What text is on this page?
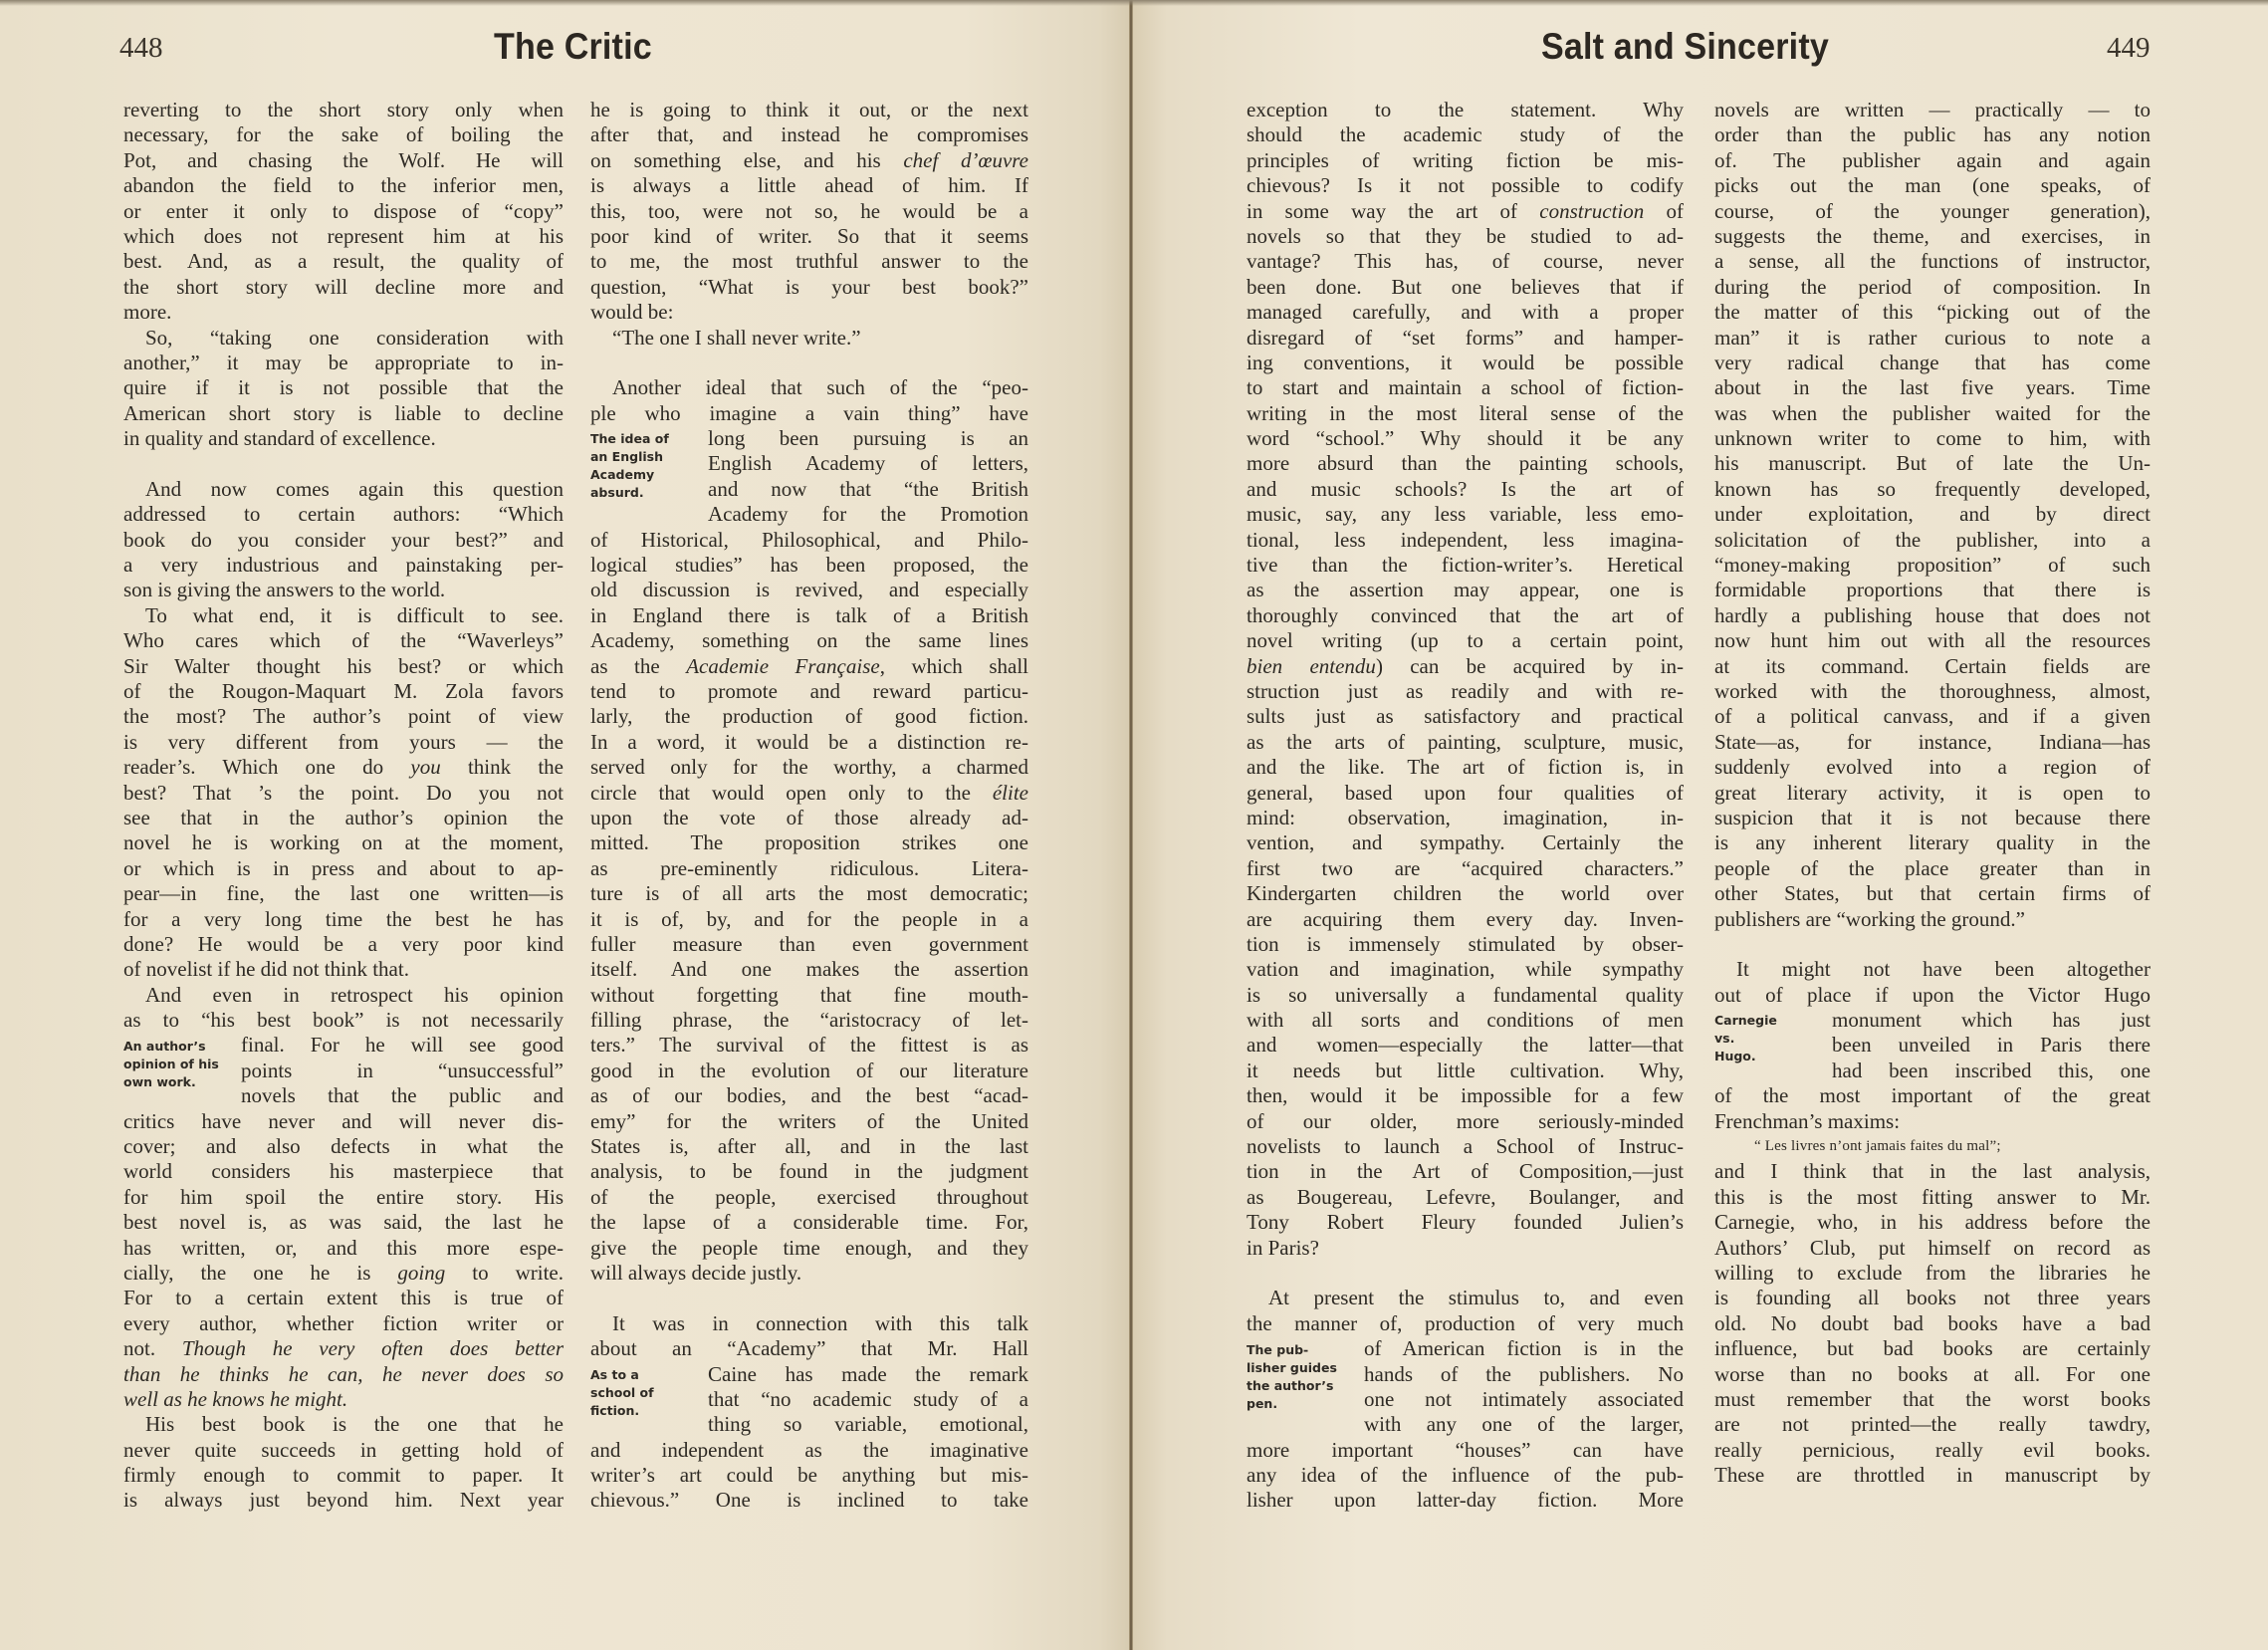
448	The Critic	Salt and Sincerity	449
reverting to the short story only when
necessary, for the sake of boiling the
Pot, and chasing the Wolf. He will
abandon the field to the inferior men,
or enter it only to dispose of “copy”
which does not represent him at his
best. And, as a result, the quality of
the short story will decline more and
more.
So, “taking one consideration with
another,” it may be appropriate to in-
quire if it is not possible that the
American short story is liable to decline
in quality and standard of excellence.
And now comes again this question
addressed to certain authors: “Which
book do you consider your best?” and
a very industrious and painstaking per-
son is giving the answers to the world.
To what end, it is difficult to see.
Who cares which of the “Waverleys”
Sir Walter thought his best? or which
of the Rougon-Maquart M. Zola favors
the most? The author’s point of view
is very different from yours — the
reader’s. Which one do you think the
best? That ’s the point. Do you not
see that in the author’s opinion the
novel he is working on at the moment,
or which is in press and about to ap-
pear—in fine, the last one written—is
for a very long time the best he has
done? He would be a very poor kind
of novelist if he did not think that.
And even in retrospect his opinion
as to “his best book” is not necessarily
final. For he will see good
points in “unsuccessful”
novels that the public and
critics have never and will never dis-
cover; and also defects in what the
world considers his masterpiece that
for him spoil the entire story. His
best novel is, as was said, the last he
has written, or, and this more espe-
cially, the one he is going to write.
For to a certain extent this is true of
every author, whether fiction writer or
not. Though he very often does better
than he thinks he can, he never does so
well as he knows he might.
His best book is the one that he
never quite succeeds in getting hold of
firmly enough to commit to paper. It
is always just beyond him. Next year
An author’s
opinion of his
own work.
he is going to think it out, or the next
after that, and instead he compromises
on something else, and his chef d’œuvre
is always a little ahead of him. If
this, too, were not so, he would be a
poor kind of writer. So that it seems
to me, the most truthful answer to the
question, “What is your best book?”
would be:
“The one I shall never write.”
Another ideal that such of the “peo-
ple who imagine a vain thing” have
long been pursuing is an
English Academy of letters,
and now that “the British
Academy for the Promotion
of Historical, Philosophical, and Philo-
logical studies” has been proposed, the
old discussion is revived, and especially
in England there is talk of a British
Academy, something on the same lines
as the Academie Française, which shall
tend to promote and reward particu-
larly, the production of good fiction.
In a word, it would be a distinction re-
served only for the worthy, a charmed
circle that would open only to the élite
upon the vote of those already ad-
mitted. The proposition strikes one
as pre-eminently ridiculous. Litera-
ture is of all arts the most democratic;
it is of, by, and for the people in a
fuller measure than even government
itself. And one makes the assertion
without forgetting that fine mouth-
filling phrase, the “aristocracy of let-
ters.” The survival of the fittest is as
good in the evolution of our literature
as of our bodies, and the best “acad-
emy” for the writers of the United
States is, after all, and in the last
analysis, to be found in the judgment
of the people, exercised throughout
the lapse of a considerable time. For,
give the people time enough, and they
will always decide justly.
It was in connection with this talk
about an “Academy” that Mr. Hall
Caine has made the remark
that “no academic study of a
thing so variable, emotional,
and independent as the imaginative
writer’s art could be anything but mis-
chievous.” One is inclined to take
The idea of
an English
Academy
absurd.
As to a
school of
fiction.
exception to the statement. Why
should the academic study of the
principles of writing fiction be mis-
chievous? Is it not possible to codify
in some way the art of construction of
novels so that they be studied to ad-
vantage? This has, of course, never
been done. But one believes that if
managed carefully, and with a proper
disregard of “set forms” and hamper-
ing conventions, it would be possible
to start and maintain a school of fiction-
writing in the most literal sense of the
word “school.” Why should it be any
more absurd than the painting schools,
and music schools? Is the art of
music, say, any less variable, less emo-
tional, less independent, less imagina-
tive than the fiction-writer’s. Heretical
as the assertion may appear, one is
thoroughly convinced that the art of
novel writing (up to a certain point,
bien entendu) can be acquired by in-
struction just as readily and with re-
sults just as satisfactory and practical
as the arts of painting, sculpture, music,
and the like. The art of fiction is, in
general, based upon four qualities of
mind: observation, imagination, in-
vention, and sympathy. Certainly the
first two are “acquired characters.”
Kindergarten children the world over
are acquiring them every day. Inven-
tion is immensely stimulated by obser-
vation and imagination, while sympathy
is so universally a fundamental quality
with all sorts and conditions of men
and women—especially the latter—that
it needs but little cultivation. Why,
then, would it be impossible for a few
of our older, more seriously-minded
novelists to launch a School of Instruc-
tion in the Art of Composition,—just
as Bougereau, Lefevre, Boulanger, and
Tony Robert Fleury founded Julien’s
in Paris?
At present the stimulus to, and even
the manner of, production of very much
of American fiction is in the
hands of the publishers. No
one not intimately associated
with any one of the larger,
more important “houses” can have
any idea of the influence of the pub-
lisher upon latter-day fiction. More
The pub-
lisher guides
the author’s
pen.
novels are written — practically — to
order than the public has any notion
of. The publisher again and again
picks out the man (one speaks, of
course, of the younger generation),
suggests the theme, and exercises, in
a sense, all the functions of instructor,
during the period of composition. In
the matter of this “picking out of the
man” it is rather curious to note a
very radical change that has come
about in the last five years. Time
was when the publisher waited for the
unknown writer to come to him, with
his manuscript. But of late the Un-
known has so frequently developed,
under exploitation, and by direct
solicitation of the publisher, into a
“money-making proposition” of such
formidable proportions that there is
hardly a publishing house that does not
now hunt him out with all the resources
at its command. Certain fields are
worked with the thoroughness, almost,
of a political canvass, and if a given
State—as, for instance, Indiana—has
suddenly evolved into a region of
great literary activity, it is open to
suspicion that it is not because there
is any inherent literary quality in the
people of the place greater than in
other States, but that certain firms of
publishers are “working the ground.”
It might not have been altogether
out of place if upon the Victor Hugo
monument which has just
been unveiled in Paris there
had been inscribed this, one
of the most important of the great
Frenchman’s maxims:
“ Les livres n’ont jamais faites du mal”;
and I think that in the last analysis,
this is the most fitting answer to Mr.
Carnegie, who, in his address before the
Authors’ Club, put himself on record as
willing to exclude from the libraries he
is founding all books not three years
old. No doubt bad books have a bad
influence, but bad books are certainly
worse than no books at all. For one
must remember that the worst books
are not printed—the really tawdry,
really pernicious, really evil books.
These are throttled in manuscript by
Carnegie
vs.
Hugo.
